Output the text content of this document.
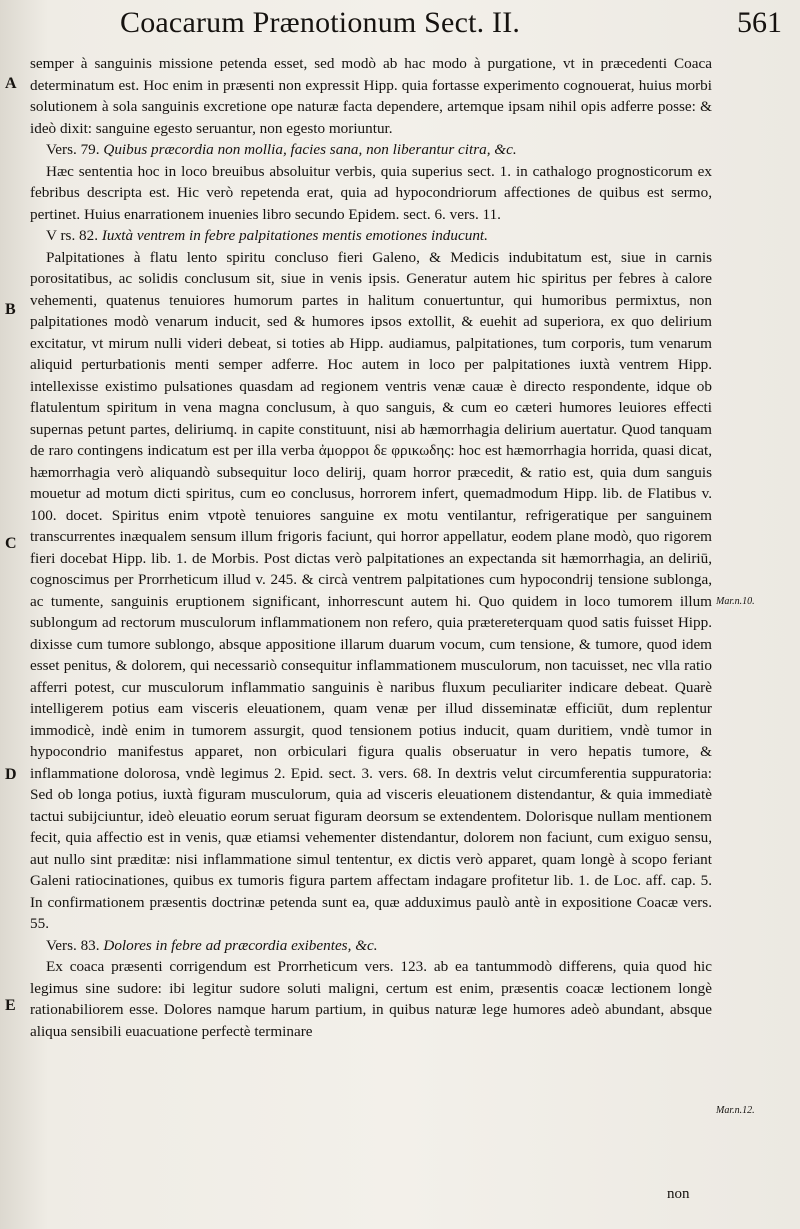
Coacarum Prænotionum Sect. II.	561
A
B
C
D
E
Mar.n.10.
Mar.n.12.

semper à sanguinis missione petenda esset, sed modò ab hac modo à purgatione, vt in præcedenti Coaca determinatum est. Hoc enim in præsenti non expressit Hipp. quia fortasse experimento cognouerat, huius morbi solutionem à sola sanguinis excretione ope naturæ facta dependere, artemque ipsam nihil opis adferre posse: & ideò dixit: sanguine egesto seruantur, non egesto moriuntur.

Vers. 79. Quibus præcordia non mollia, facies sana, non liberantur citra, &c.

Hæc sententia hoc in loco breuibus absoluitur verbis, quia superius sect. 1. in cathalogo prognosticorum ex febribus descripta est. Hic verò repetenda erat, quia ad hypocondriorum affectiones de quibus est sermo, pertinet. Huius enarrationem inuenies libro secundo Epidem. sect. 6. vers. 11.

V rs. 82. Iuxtà ventrem in febre palpitationes mentis emotiones inducunt.

Palpitationes à flatu lento spiritu concluso fieri Galeno, & Medicis indubitatum est, siue in carnis porositatibus, ac solidis conclusum sit, siue in venis ipsis. Generatur autem hic spiritus per febres à calore vehementi, quatenus tenuiores humorum partes in halitum conuertuntur, qui humoribus permixtus, non palpitationes modò venarum inducit, sed & humores ipsos extollit, & euehit ad superiora, ex quo delirium excitatur, vt mirum nulli videri debeat, si toties ab Hipp. audiamus, palpitationes, tum corporis, tum venarum aliquid perturbationis menti semper adferre. Hoc autem in loco per palpitationes iuxtà ventrem Hipp. intellexisse existimo pulsationes quasdam ad regionem ventris venæ cauæ è directo respondente, idque ob flatulentum spiritum in vena magna conclusum, à quo sanguis, & cum eo cæteri humores leuiores effecti supernas petunt partes, deliriumq. in capite constituunt, nisi ab hæmorrhagia delirium auertatur. Quod tanquam de raro contingens indicatum est per illa verba ἀμορροι δε φρικωδης: hoc est hæmorrhagia horrida, quasi dicat, hæmorrhagia verò aliquandò subsequitur loco delirij, quam horror præcedit, & ratio est, quia dum sanguis mouetur ad motum dicti spiritus, cum eo conclusus, horrorem infert, quemadmodum Hipp. lib. de Flatibus v. 100. docet. Spiritus enim vtpotè tenuiores sanguine ex motu ventilantur, refrigeratique per sanguinem transcurrentes inæqualem sensum illum frigoris faciunt, qui horror appellatur, eodem plane modò, quo rigorem fieri docebat Hipp. lib. 1. de Morbis. Post dictas verò palpitationes an expectanda sit hæmorrhagia, an deliriū, cognoscimus per Prorrheticum illud v. 245. & circà ventrem palpitationes cum hypocondrij tensione sublonga, ac tumente, sanguinis eruptionem significant, inhorrescunt autem hi. Quo quidem in loco tumorem illum sublongum ad rectorum musculorum inflammationem non refero, quia prætereterquam quod satis fuisset Hipp. dixisse cum tumore sublongo, absque appositione illarum duarum vocum, cum tensione, & tumore, quod idem esset penitus, & dolorem, qui necessariò consequitur inflammationem musculorum, non tacuisset, nec vlla ratio afferri potest, cur musculorum inflammatio sanguinis è naribus fluxum peculiariter indicare debeat. Quarè intelligerem potius eam visceris eleuationem, quam venæ per illud disseminatæ efficiūt, dum replentur immodicè, indè enim in tumorem assurgit, quod tensionem potius inducit, quam duritiem, vndè tumor in hypocondrio manifestus apparet, non orbiculari figura qualis obseruatur in vero hepatis tumore, & inflammatione dolorosa, vndè legimus 2. Epid. sect. 3. vers. 68. In dextris velut circumferentia suppuratoria: Sed ob longa potius, iuxtà figuram musculorum, quia ad visceris eleuationem distendantur, & quia immediatè tactui subijciuntur, ideò eleuatio eorum seruat figuram deorsum se extendentem. Dolorisque nullam mentionem fecit, quia affectio est in venis, quæ etiamsi vehementer distendantur, dolorem non faciunt, cum exiguo sensu, aut nullo sint præditæ: nisi inflammatione simul tententur, ex dictis verò apparet, quam longè à scopo feriant Galeni ratiocinationes, quibus ex tumoris figura partem affectam indagare profitetur lib. 1. de Loc. aff. cap. 5. In confirmationem præsentis doctrinæ petenda sunt ea, quæ adduximus paulò antè in expositione Coacæ vers. 55.

Vers. 83. Dolores in febre ad præcordia exibentes, &c.

Ex coaca præsenti corrigendum est Prorrheticum vers. 123. ab ea tantummodò differens, quia quod hic legimus sine sudore: ibi legitur sudore soluti maligni, certum est enim, præsentis coacæ lectionem longè rationabiliorem esse. Dolores namque harum partium, in quibus naturæ lege humores adeò abundant, absque aliqua sensibili euacuatione perfectè terminare

non
